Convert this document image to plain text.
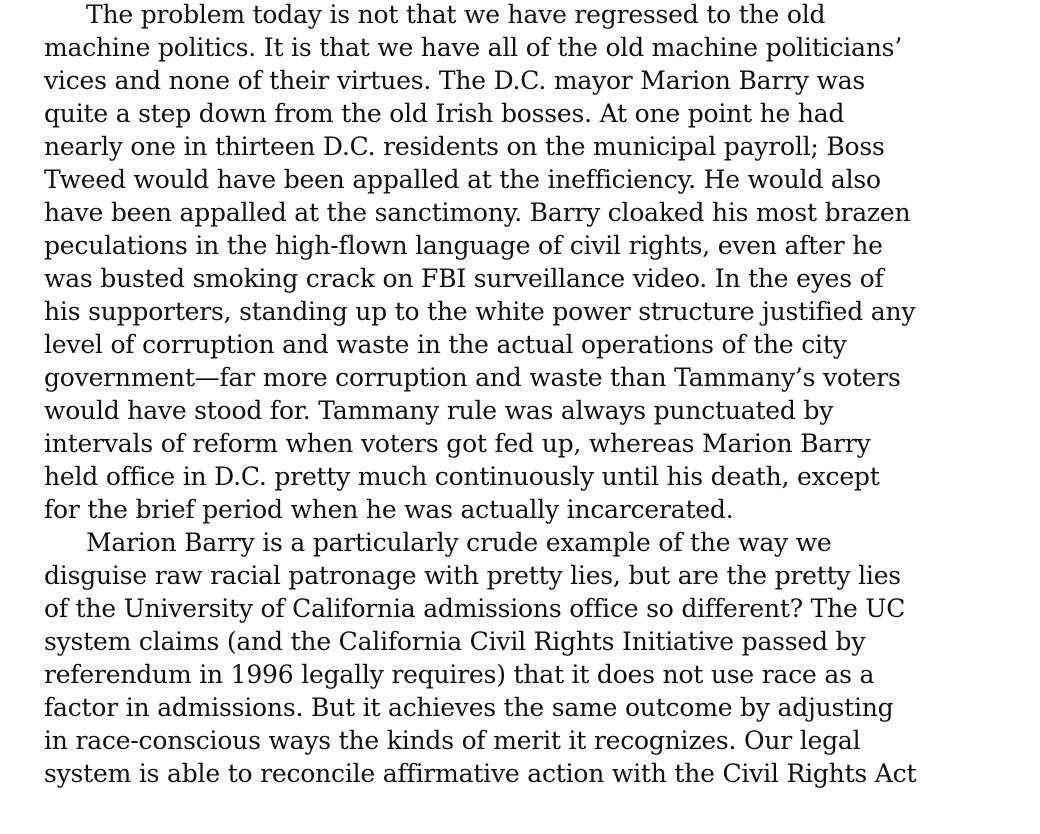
The problem today is not that we have regressed to the old

machine politics. It is that we have all of the old machine politicians’

vices and none of their virtues. The D.C. mayor Marion Barry was

quite a step down from the old Irish bosses. At one point he had

nearly one in thirteen D.C. residents on the municipal payroll; Boss

Tweed would have been appalled at the inefficiency. He would also

have been appalled at the sanctimony. Barry cloaked his most brazen

peculations in the high-flown language of civil rights, even after he

was busted smoking crack on FBI surveillance video. In the eyes of

his supporters, standing up to the white power structure justified any

level of corruption and waste in the actual operations of the city

government—far more corruption and waste than Tammany’s voters

would have stood for. Tammany rule was always punctuated by

intervals of reform when voters got fed up, whereas Marion Barry

held office in D.C. pretty much continuously until his death, except

for the brief period when he was actually incarcerated.

Marion Barry is a particularly crude example of the way we

disguise raw racial patronage with pretty lies, but are the pretty lies

of the University of California admissions office so different? The UC

system claims (and the California Civil Rights Initiative passed by

referendum in 1996 legally requires) that it does not use race as a

factor in admissions. But it achieves the same outcome by adjusting

in race-conscious ways the kinds of merit it recognizes. Our legal

system is able to reconcile affirmative action with the Civil Rights Act
